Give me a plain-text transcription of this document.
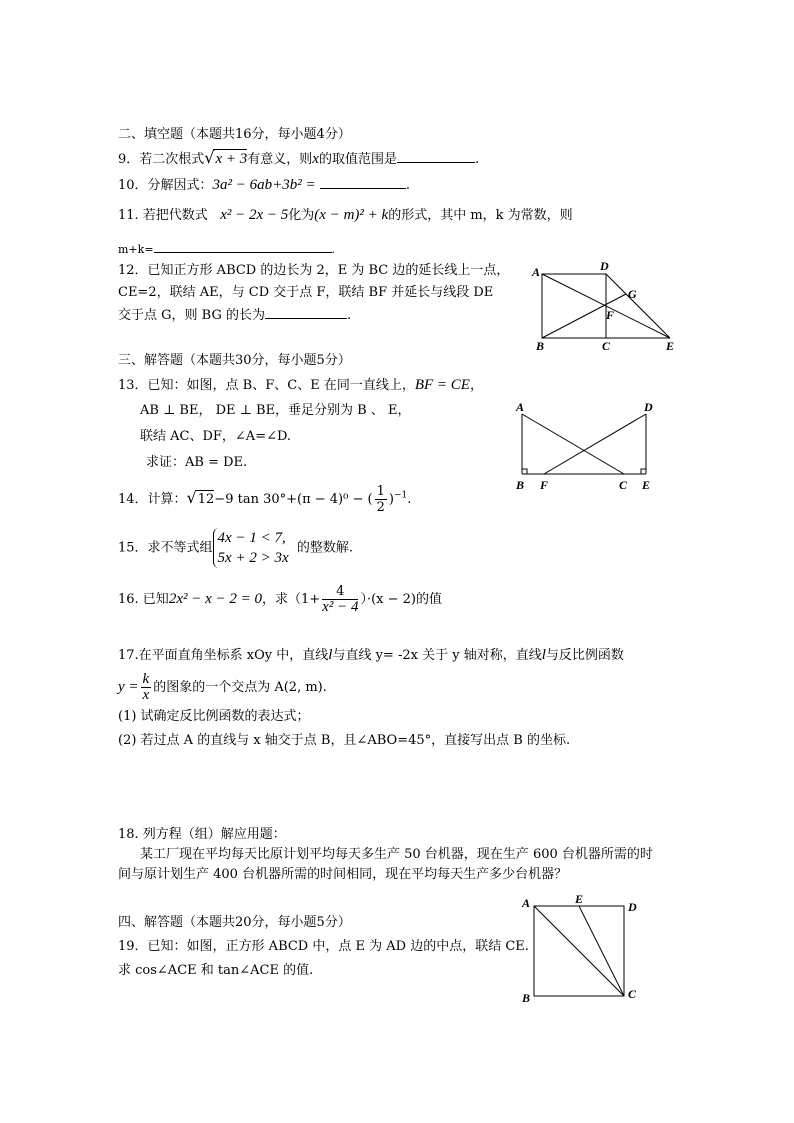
二、填空题（本题共16分，每小题4分）
9．若二次根式√x + 3有意义，则x的取值范围是	.
10．分解因式：3a² − 6ab+3b² =	.
11. 若把代数式 x² − 2x − 5化为(x − m)² + k的形式，其中 m，k 为常数，则
m+k=	.
12．已知正方形 ABCD 的边长为 2，E 为 BC 边的延长线上一点，
CE=2，联结 AE，与 CD 交于点 F，联结 BF 并延长与线段 DE
交于点 G，则 BG 的长为	.
A	D
G
F
B	C	E
三、解答题（本题共30分，每小题5分）
13．已知：如图，点 B、F、C、E 在同一直线上，BF = CE，
AB ⊥ BE， DE ⊥ BE，垂足分别为 B 、 E，
联结 AC、DF，∠A=∠D.
求证：AB = DE.
A	D
B F	C E
14．计算：√12−9 tan 30°+(π − 4)⁰ − ( $\frac{1}{2} )^{-1}$.
15．求不等式组
4x − 1 < 7,
5x + 2 > 3x
的整数解.
16. 已知2x² − x − 2 = 0，求$(1+ \frac{4}{\text{x² − 4}} )\cdot(x - 2)$的值
17.在平面直角坐标系 xOy 中，直线l与直线 y= -2x 关于 y 轴对称，直线l与反比例函数
$y = \frac{k}{x}$ 的图象的一个交点为 A(2, m).
(1) 试确定反比例函数的表达式；
(2) 若过点 A 的直线与 x 轴交于点 B，且∠ABO=45°，直接写出点 B 的坐标.
18. 列方程（组）解应用题：
某工厂现在平均每天比原计划平均每天多生产 50 台机器，现在生产 600 台机器所需的时
间与原计划生产 400 台机器所需的时间相同，现在平均每天生产多少台机器？
四、解答题（本题共20分，每小题5分）
19．已知：如图，正方形 ABCD 中，点 E 为 AD 边的中点，联结 CE.
求 cos∠ACE 和 tan∠ACE 的值.
A	E
D
B	C
